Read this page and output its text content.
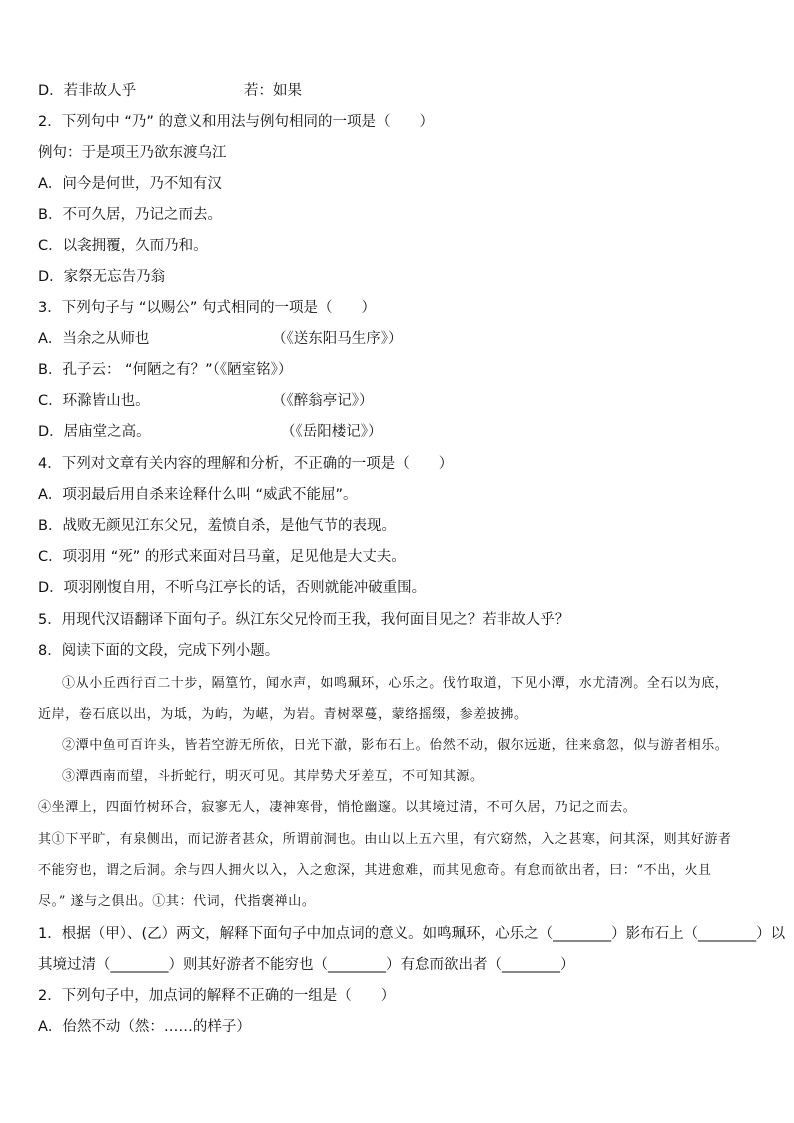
D．若非故人乎	若：如果
2．下列句中 “乃” 的意义和用法与例句相同的一项是（　　）
例句：于是项王乃欲东渡乌江
A．问今是何世，乃不知有汉
B．不可久居，乃记之而去。
C．以衾拥覆，久而乃和。
D．家祭无忘告乃翁
3．下列句子与 “以赐公” 句式相同的一项是（　　）
A．当余之从师也	（《送东阳马生序》）
B．孔子云： “何陋之有？”（《陋室铭》）
C．环滁皆山也。	（《醉翁亭记》）
D．居庙堂之高。	（《岳阳楼记》）
4．下列对文章有关内容的理解和分析，不正确的一项是（　　）
A．项羽最后用自杀来诠释什么叫 “威武不能屈”。
B．战败无颜见江东父兄，羞愤自杀，是他气节的表现。
C．项羽用 “死” 的形式来面对吕马童，足见他是大丈夫。
D．项羽刚愎自用，不听乌江亭长的话，否则就能冲破重围。
5．用现代汉语翻译下面句子。纵江东父兄怜而王我，我何面目见之？若非故人乎？
8．阅读下面的文段，完成下列小题。
①从小丘西行百二十步，隔篁竹，闻水声，如鸣珮环，心乐之。伐竹取道，下见小潭，水尤清冽。全石以为底，
近岸，卷石底以出，为坻，为屿，为嵁，为岩。青树翠蔓，蒙络摇缀，参差披拂。
②潭中鱼可百许头，皆若空游无所依，日光下澈，影布石上。佁然不动，俶尔远逝，往来翕忽，似与游者相乐。
③潭西南而望，斗折蛇行，明灭可见。其岸势犬牙差互，不可知其源。
④坐潭上，四面竹树环合，寂寥无人，凄神寒骨，悄怆幽邃。以其境过清，不可久居，乃记之而去。
其①下平旷，有泉侧出，而记游者甚众，所谓前洞也。由山以上五六里，有穴窈然，入之甚寒，问其深，则其好游者
不能穷也，谓之后洞。余与四人拥火以入，入之愈深，其进愈难，而其见愈奇。有怠而欲出者，曰：“不出，火且
尽。” 遂与之俱出。①其：代词，代指褒禅山。
1．根据（甲）、(乙）两文，解释下面句子中加点词的意义。如鸣珮环，心乐之（________）影布石上（________）以
其境过清（________）则其好游者不能穷也（________）有怠而欲出者（________）
2．下列句子中，加点词的解释不正确的一组是（　　）
A．佁然不动（然：……的样子）
